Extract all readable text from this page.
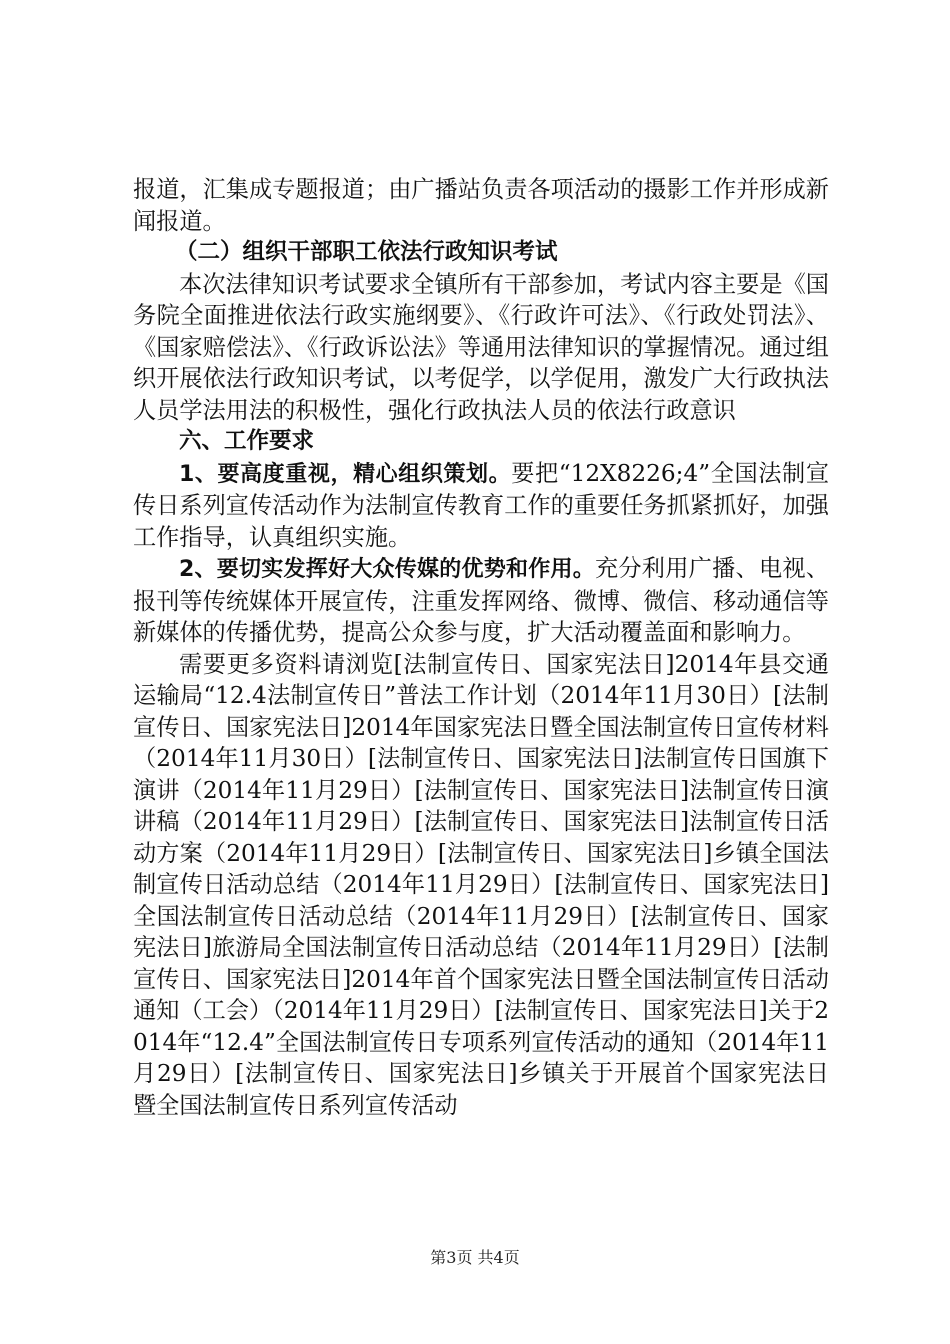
报道，汇集成专题报道；由广播站负责各项活动的摄影工作并形成新闻报道。

（二）组织干部职工依法行政知识考试

本次法律知识考试要求全镇所有干部参加，考试内容主要是《国务院全面推进依法行政实施纲要》、《行政许可法》、《行政处罚法》、《国家赔偿法》、《行政诉讼法》等通用法律知识的掌握情况。通过组织开展依法行政知识考试，以考促学，以学促用，激发广大行政执法人员学法用法的积极性，强化行政执法人员的依法行政意识

六、工作要求

1、要高度重视，精心组织策划。要把“12X8226;4”全国法制宣传日系列宣传活动作为法制宣传教育工作的重要任务抓紧抓好，加强工作指导，认真组织实施。

2、要切实发挥好大众传媒的优势和作用。充分利用广播、电视、报刊等传统媒体开展宣传，注重发挥网络、微博、微信、移动通信等新媒体的传播优势，提高公众参与度，扩大活动覆盖面和影响力。

需要更多资料请浏览[法制宣传日、国家宪法日]2014年县交通运输局“12.4法制宣传日”普法工作计划（2014年11月30日）[法制宣传日、国家宪法日]2014年国家宪法日暨全国法制宣传日宣传材料（2014年11月30日）[法制宣传日、国家宪法日]法制宣传日国旗下演讲（2014年11月29日）[法制宣传日、国家宪法日]法制宣传日演讲稿（2014年11月29日）[法制宣传日、国家宪法日]法制宣传日活动方案（2014年11月29日）[法制宣传日、国家宪法日]乡镇全国法制宣传日活动总结（2014年11月29日）[法制宣传日、国家宪法日]全国法制宣传日活动总结（2014年11月29日）[法制宣传日、国家宪法日]旅游局全国法制宣传日活动总结（2014年11月29日）[法制宣传日、国家宪法日]2014年首个国家宪法日暨全国法制宣传日活动通知（工会）（2014年11月29日）[法制宣传日、国家宪法日]关于2014年“12.4”全国法制宣传日专项系列宣传活动的通知（2014年11月29日）[法制宣传日、国家宪法日]乡镇关于开展首个国家宪法日暨全国法制宣传日系列宣传活动

第3页 共4页
